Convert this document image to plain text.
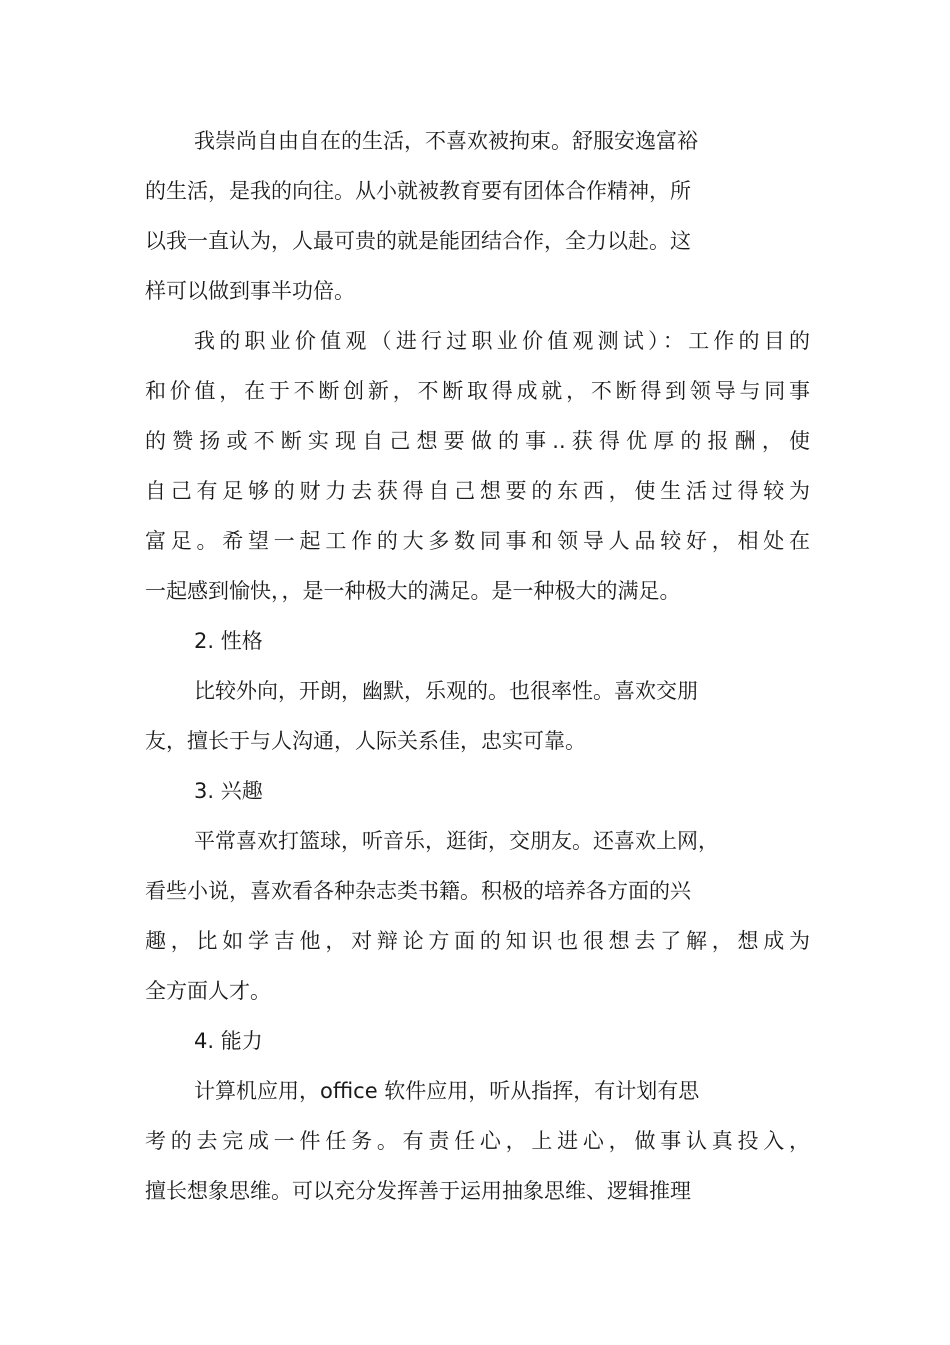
我崇尚自由自在的生活，不喜欢被拘束。舒服安逸富裕
的生活，是我的向往。从小就被教育要有团体合作精神，所
以我一直认为，人最可贵的就是能团结合作，全力以赴。这
样可以做到事半功倍。
我的职业价值观（进行过职业价值观测试）：工作的目的
和价值，在于不断创新，不断取得成就，不断得到领导与同事
的赞扬或不断实现自己想要做的事..获得优厚的报酬，使
自己有足够的财力去获得自己想要的东西，使生活过得较为
富足。希望一起工作的大多数同事和领导人品较好，相处在
一起感到愉快，，是一种极大的满足。是一种极大的满足。
2. 性格
比较外向，开朗，幽默，乐观的。也很率性。喜欢交朋
友，擅长于与人沟通，人际关系佳，忠实可靠。
3. 兴趣
平常喜欢打篮球，听音乐，逛街，交朋友。还喜欢上网，
看些小说，喜欢看各种杂志类书籍。积极的培养各方面的兴
趣，比如学吉他，对辩论方面的知识也很想去了解，想成为
全方面人才。
4. 能力
计算机应用，office 软件应用，听从指挥，有计划有思
考的去完成一件任务。有责任心，上进心，做事认真投入，
擅长想象思维。可以充分发挥善于运用抽象思维、逻辑推理
